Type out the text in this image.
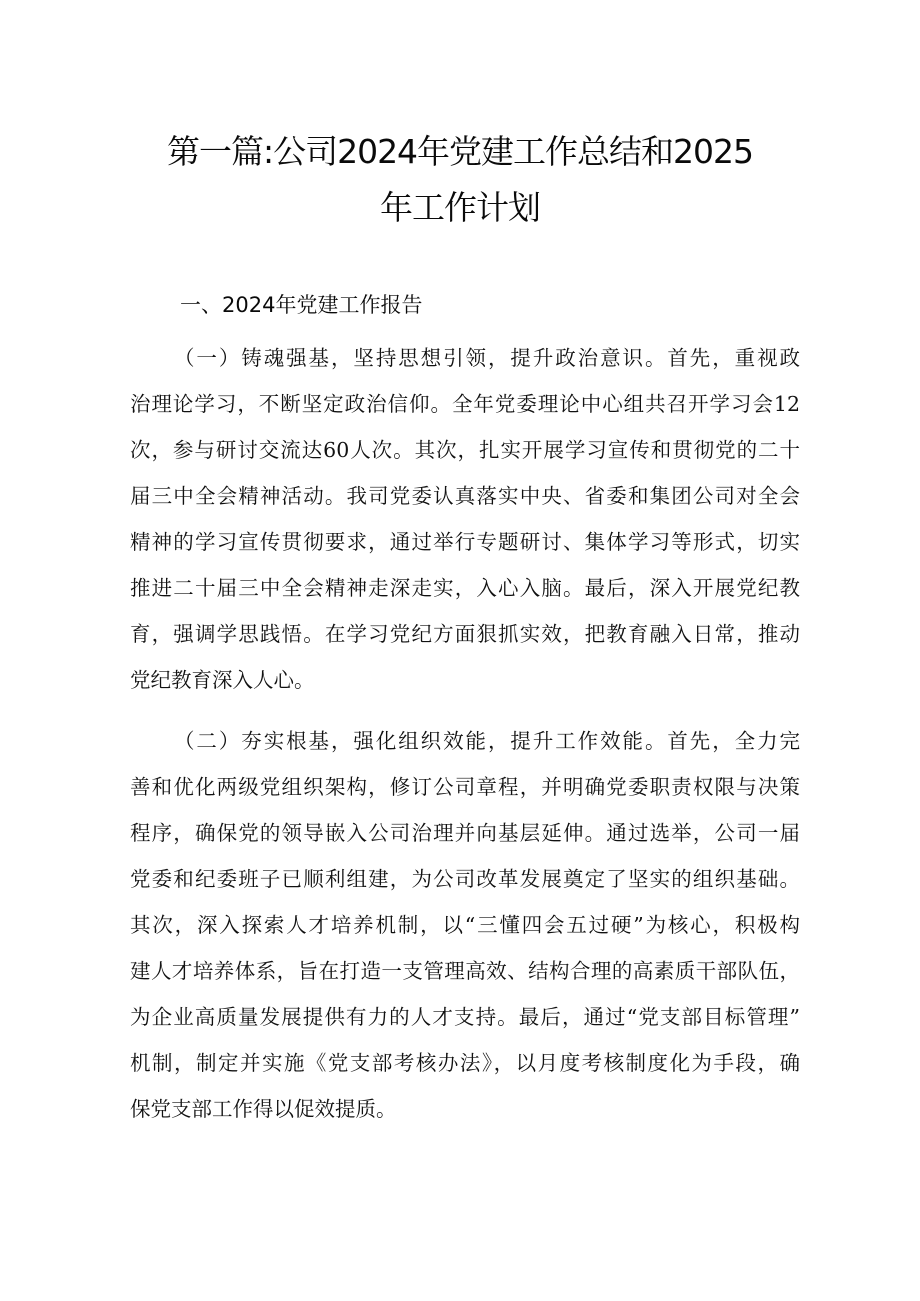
第一篇:公司2024年党建工作总结和2025
年工作计划
一、2024年党建工作报告
（一）铸魂强基，坚持思想引领，提升政治意识。首先，重视政
治理论学习，不断坚定政治信仰。全年党委理论中心组共召开学习会12
次，参与研讨交流达60人次。其次，扎实开展学习宣传和贯彻党的二十
届三中全会精神活动。我司党委认真落实中央、省委和集团公司对全会
精神的学习宣传贯彻要求，通过举行专题研讨、集体学习等形式，切实
推进二十届三中全会精神走深走实，入心入脑。最后，深入开展党纪教
育，强调学思践悟。在学习党纪方面狠抓实效，把教育融入日常，推动
党纪教育深入人心。
（二）夯实根基，强化组织效能，提升工作效能。首先，全力完
善和优化两级党组织架构，修订公司章程，并明确党委职责权限与决策
程序，确保党的领导嵌入公司治理并向基层延伸。通过选举，公司一届
党委和纪委班子已顺利组建，为公司改革发展奠定了坚实的组织基础。
其次，深入探索人才培养机制，以“三懂四会五过硬”为核心，积极构
建人才培养体系，旨在打造一支管理高效、结构合理的高素质干部队伍，
为企业高质量发展提供有力的人才支持。最后，通过“党支部目标管理”
机制，制定并实施《党支部考核办法》，以月度考核制度化为手段，确
保党支部工作得以促效提质。
